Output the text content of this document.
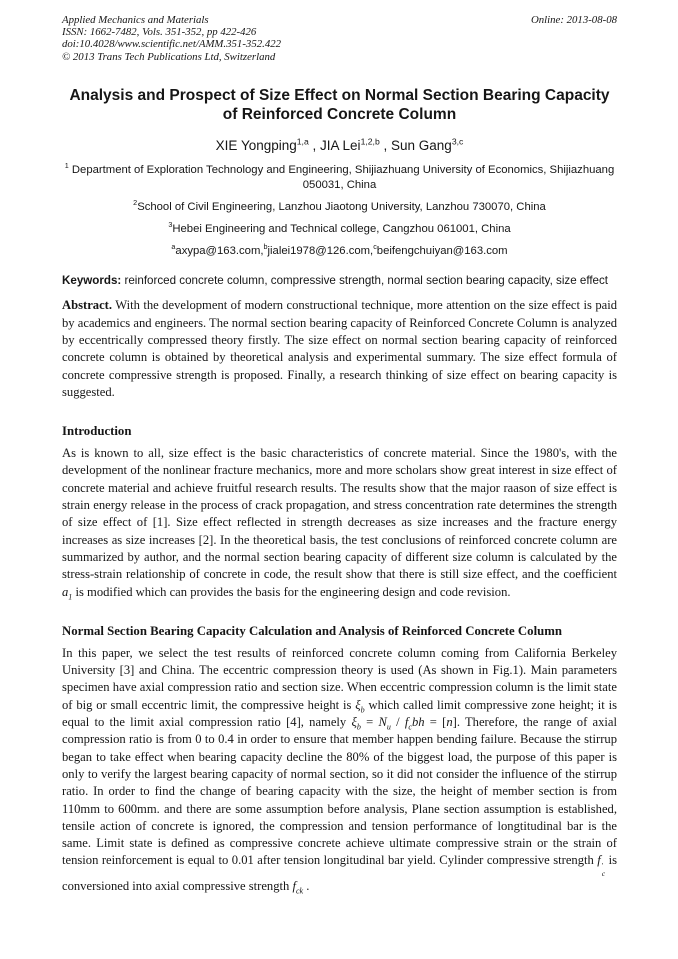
Applied Mechanics and Materials
ISSN: 1662-7482, Vols. 351-352, pp 422-426
doi:10.4028/www.scientific.net/AMM.351-352.422
© 2013 Trans Tech Publications Ltd, Switzerland
Online: 2013-08-08
Analysis and Prospect of Size Effect on Normal Section Bearing Capacity
of Reinforced Concrete Column
XIE Yongping$^{1,a}$ , JIA Lei$^{1,2,b}$ , Sun Gang$^{3,c}$
$^1$ Department of Exploration Technology and Engineering, Shijiazhuang University of Economics, Shijiazhuang 050031, China
$^2$School of Civil Engineering, Lanzhou Jiaotong University, Lanzhou 730070, China
$^3$Hebei Engineering and Technical college, Cangzhou 061001, China
$^a$axypa@163.com,$^b$jialei1978@126.com,$^c$beifengchuiyan@163.com

Keywords: reinforced concrete column, compressive strength, normal section bearing capacity, size effect

Abstract. With the development of modern constructional technique, more attention on the size effect is paid by academics and engineers. The normal section bearing capacity of Reinforced Concrete Column is analyzed by eccentrically compressed theory firstly. The size effect on normal section bearing capacity of reinforced concrete column is obtained by theoretical analysis and experimental summary. The size effect formula of concrete compressive strength is proposed. Finally, a research thinking of size effect on bearing capacity is suggested.

Introduction

As is known to all, size effect is the basic characteristics of concrete material. Since the 1980's, with the development of the nonlinear fracture mechanics, more and more scholars show great interest in size effect of concrete material and achieve fruitful research results. The results show that the major raason of size effect is strain energy release in the process of crack propagation, and stress concentration rate determines the strength of size effect of [1]. Size effect reflected in strength decreases as size increases and the fracture energy increases as size increases [2]. In the theoretical basis, the test conclusions of reinforced concrete column are summarized by author, and the normal section bearing capacity of different size column is calculated by the stress-strain relationship of concrete in code, the result show that there is still size effect, and the coefficient $a_1$ is modified which can provides the basis for the engineering design and code revision.

Normal Section Bearing Capacity Calculation and Analysis of Reinforced Concrete Column

In this paper, we select the test results of reinforced concrete column coming from California Berkeley University [3] and China. The eccentric compression theory is used (As shown in Fig.1). Main parameters specimen have axial compression ratio and section size. When eccentric compression column is the limit state of big or small eccentric limit, the compressive height is $\xi_b$ which called limit compressive zone height; it is equal to the limit axial compression ratio [4], namely $\xi_b = N_u / f_cbh = [n]$. Therefore, the range of axial compression ratio is from 0 to 0.4 in order to ensure that member happen bending failure. Because the stirrup began to take effect when bearing capacity decline the 80% of the biggest load, the purpose of this paper is only to verify the largest bearing capacity of normal section, so it did not consider the influence of the stirrup ratio. In order to find the change of bearing capacity with the size, the height of member section is from 110mm to 600mm. and there are some assumption before analysis, Plane section assumption is established, tensile action of concrete is ignored, the compression and tension performance of longtitudinal bar is the same. Limit state is defined as compressive concrete achieve ultimate compressive strain or the strain of tension reinforcement is equal to 0.01 after tension longitudinal bar yield. Cylinder compressive strength f ′
c
is conversioned into axial compressive strength $f_{ck}$ .
